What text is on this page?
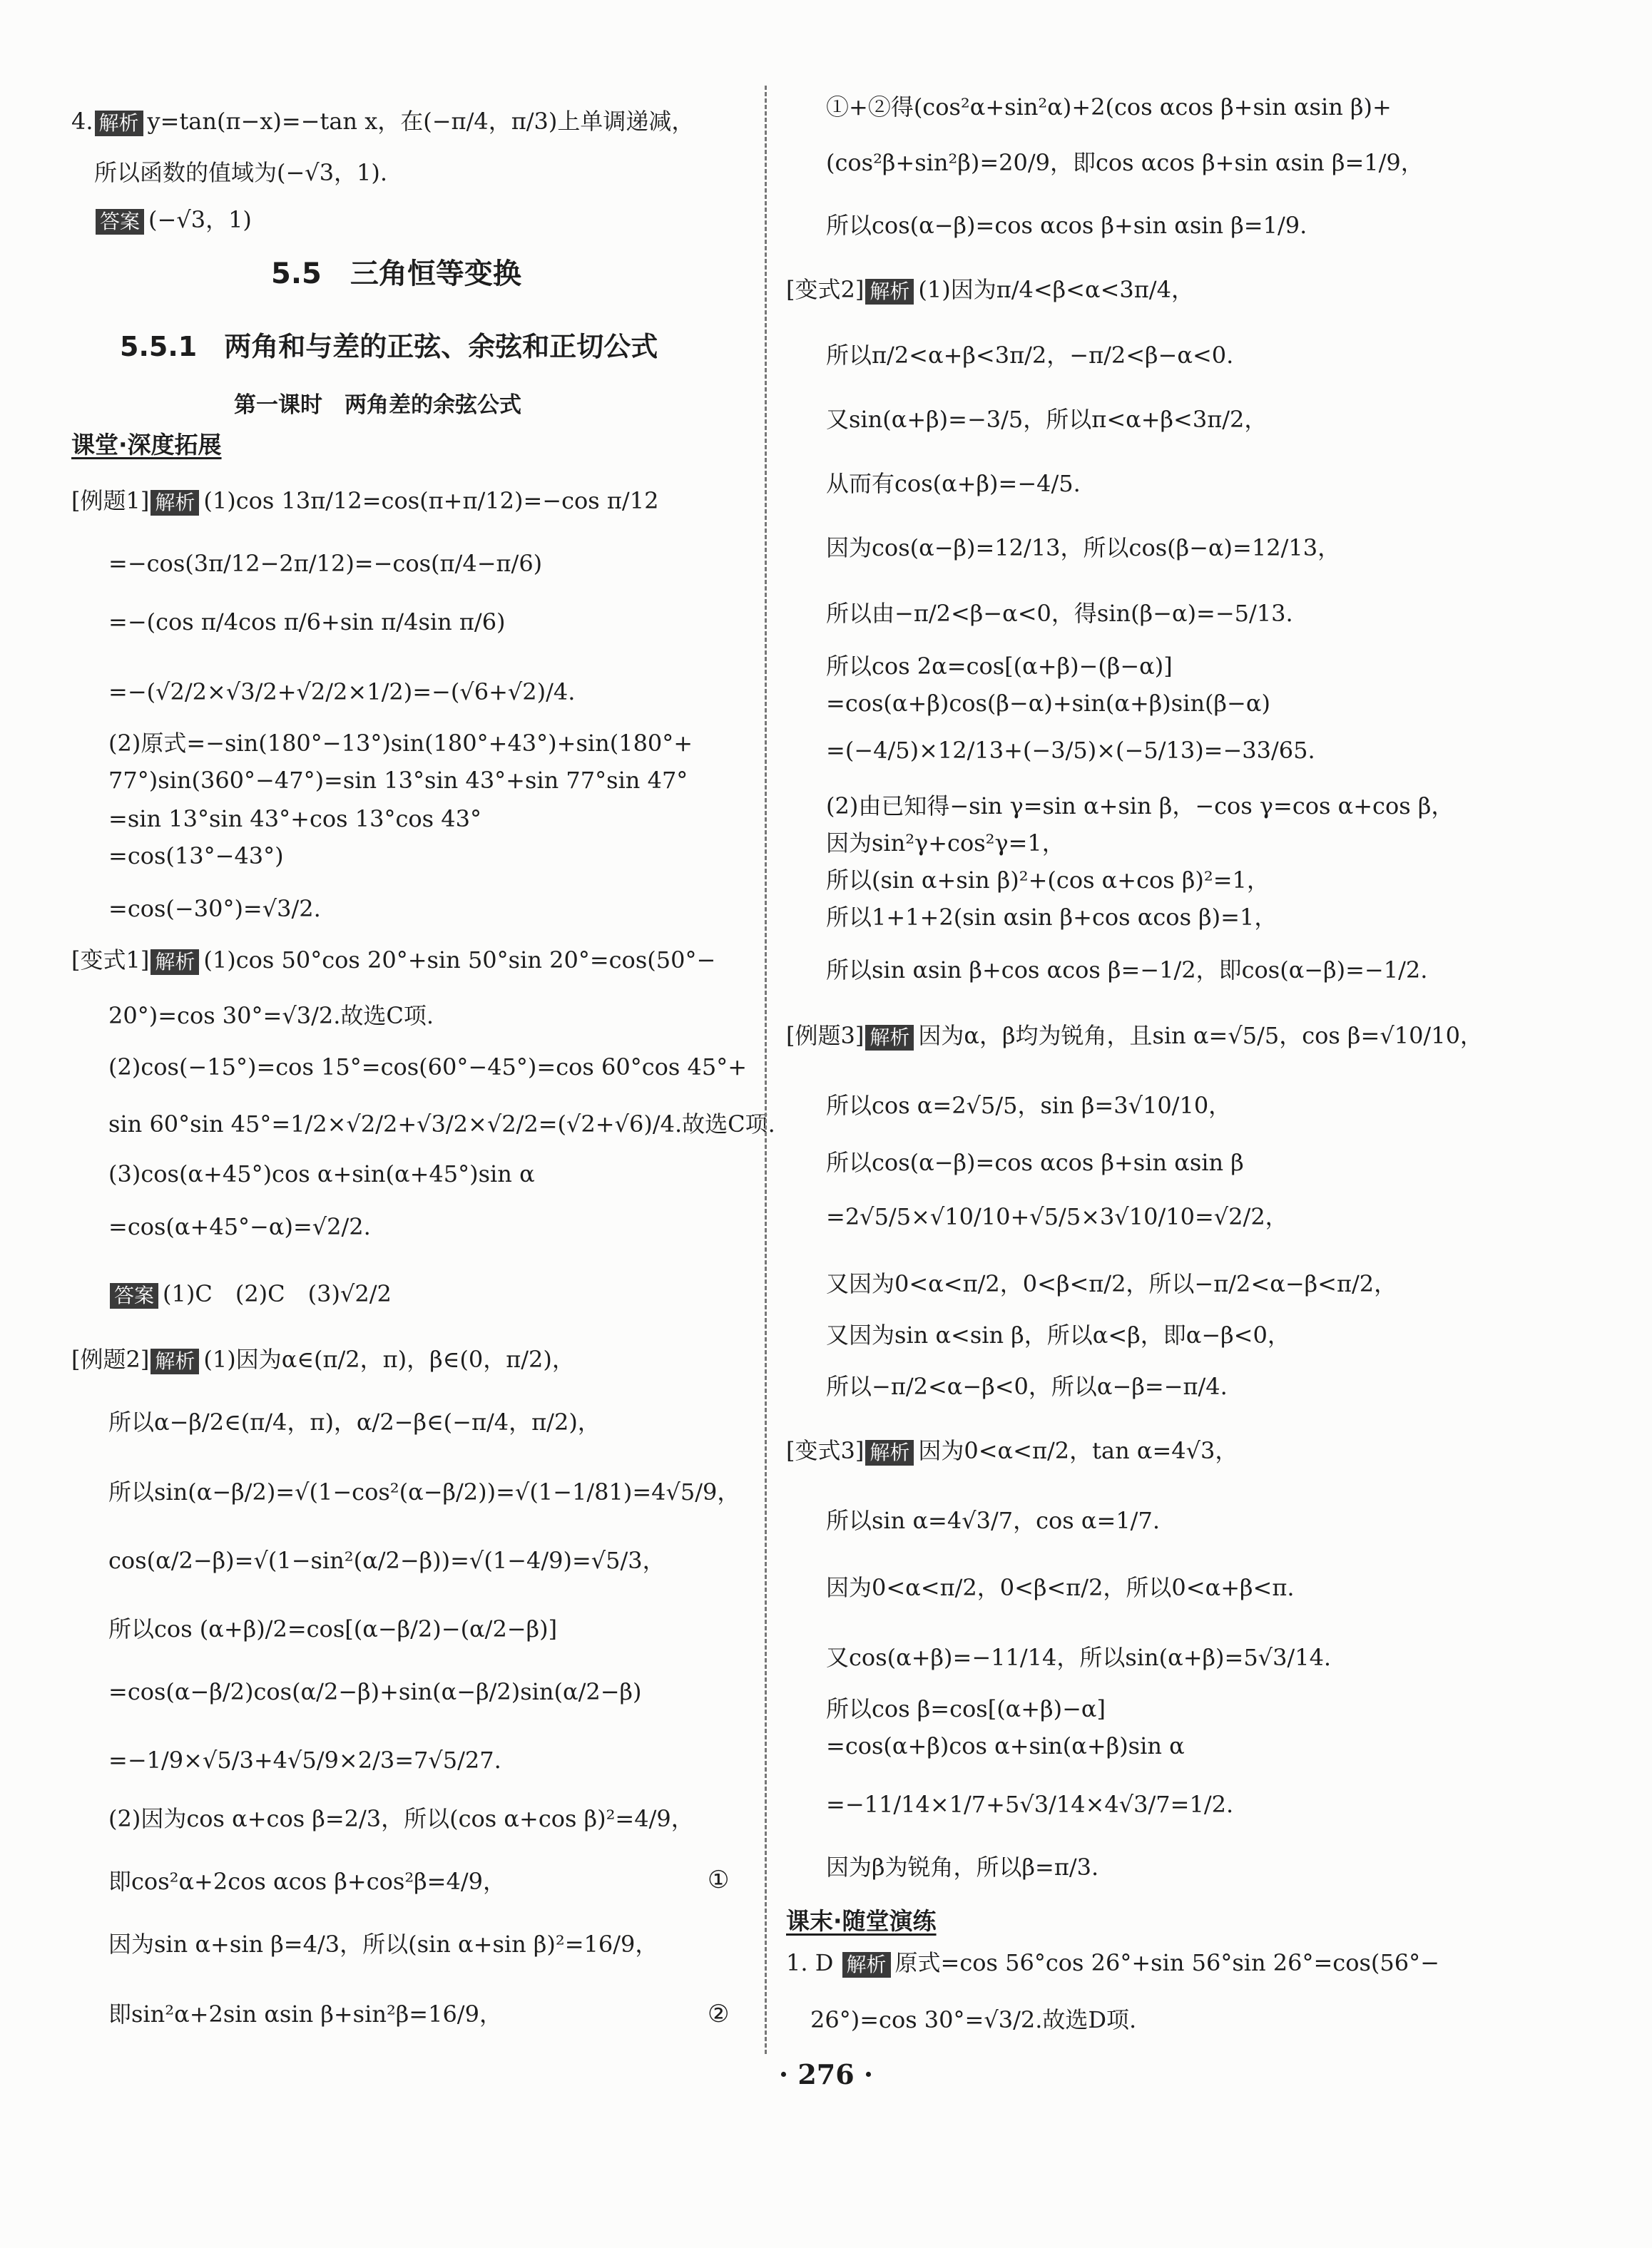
4. 解析 y=tan(π−x)=−tan x，在(−π/4，π/3)上单调递减，
所以函数的值域为(−√3，1).
答案 (−√3，1)
5.5　三角恒等变换
5.5.1　两角和与差的正弦、余弦和正切公式
第一课时　两角差的余弦公式
课堂·深度拓展
[例题1] 解析 (1)cos 13π/12=cos(π+π/12)=−cos π/12
=−cos(3π/12−2π/12)=−cos(π/4−π/6)
=−(cos π/4cos π/6+sin π/4sin π/6)
=−(√2/2×√3/2+√2/2×1/2)=−(√6+√2)/4.
(2)原式=−sin(180°−13°)sin(180°+43°)+sin(180°+
77°)sin(360°−47°)=sin 13°sin 43°+sin 77°sin 47°
=sin 13°sin 43°+cos 13°cos 43°
=cos(13°−43°)
=cos(−30°)=√3/2.
[变式1] 解析 (1)cos 50°cos 20°+sin 50°sin 20°=cos(50°−
20°)=cos 30°=√3/2.故选C项.
(2)cos(−15°)=cos 15°=cos(60°−45°)=cos 60°cos 45°+
sin 60°sin 45°=1/2×√2/2+√3/2×√2/2=(√2+√6)/4.故选C项.
(3)cos(α+45°)cos α+sin(α+45°)sin α
=cos(α+45°−α)=√2/2.
答案 (1)C　(2)C　(3)√2/2
[例题2] 解析 (1)因为α∈(π/2，π)，β∈(0，π/2)，
所以α−β/2∈(π/4，π)，α/2−β∈(−π/4，π/2)，
所以sin(α−β/2)=√(1−cos²(α−β/2))=√(1−1/81)=4√5/9，
cos(α/2−β)=√(1−sin²(α/2−β))=√(1−4/9)=√5/3，
所以cos (α+β)/2=cos[(α−β/2)−(α/2−β)]
=cos(α−β/2)cos(α/2−β)+sin(α−β/2)sin(α/2−β)
=−1/9×√5/3+4√5/9×2/3=7√5/27.
(2)因为cos α+cos β=2/3，所以(cos α+cos β)²=4/9，
即cos²α+2cos αcos β+cos²β=4/9，
因为sin α+sin β=4/3，所以(sin α+sin β)²=16/9，
即sin²α+2sin αsin β+sin²β=16/9，
①
②
①+②得(cos²α+sin²α)+2(cos αcos β+sin αsin β)+
(cos²β+sin²β)=20/9，即cos αcos β+sin αsin β=1/9，
所以cos(α−β)=cos αcos β+sin αsin β=1/9.
[变式2] 解析 (1)因为π/4<β<α<3π/4，
所以π/2<α+β<3π/2，−π/2<β−α<0.
又sin(α+β)=−3/5，所以π<α+β<3π/2，
从而有cos(α+β)=−4/5.
因为cos(α−β)=12/13，所以cos(β−α)=12/13，
所以由−π/2<β−α<0，得sin(β−α)=−5/13.
所以cos 2α=cos[(α+β)−(β−α)]
=cos(α+β)cos(β−α)+sin(α+β)sin(β−α)
=(−4/5)×12/13+(−3/5)×(−5/13)=−33/65.
(2)由已知得−sin γ=sin α+sin β，−cos γ=cos α+cos β，
因为sin²γ+cos²γ=1，
所以(sin α+sin β)²+(cos α+cos β)²=1，
所以1+1+2(sin αsin β+cos αcos β)=1，
所以sin αsin β+cos αcos β=−1/2，即cos(α−β)=−1/2.
[例题3] 解析 因为α，β均为锐角，且sin α=√5/5，cos β=√10/10，
所以cos α=2√5/5，sin β=3√10/10，
所以cos(α−β)=cos αcos β+sin αsin β
=2√5/5×√10/10+√5/5×3√10/10=√2/2，
又因为0<α<π/2，0<β<π/2，所以−π/2<α−β<π/2，
又因为sin α<sin β，所以α<β，即α−β<0，
所以−π/2<α−β<0，所以α−β=−π/4.
[变式3] 解析 因为0<α<π/2，tan α=4√3，
所以sin α=4√3/7，cos α=1/7.
因为0<α<π/2，0<β<π/2，所以0<α+β<π.
又cos(α+β)=−11/14，所以sin(α+β)=5√3/14.
所以cos β=cos[(α+β)−α]
=cos(α+β)cos α+sin(α+β)sin α
=−11/14×1/7+5√3/14×4√3/7=1/2.
因为β为锐角，所以β=π/3.
课末·随堂演练
1. D 解析 原式=cos 56°cos 26°+sin 56°sin 26°=cos(56°−
26°)=cos 30°=√3/2.故选D项.
· 276 ·
